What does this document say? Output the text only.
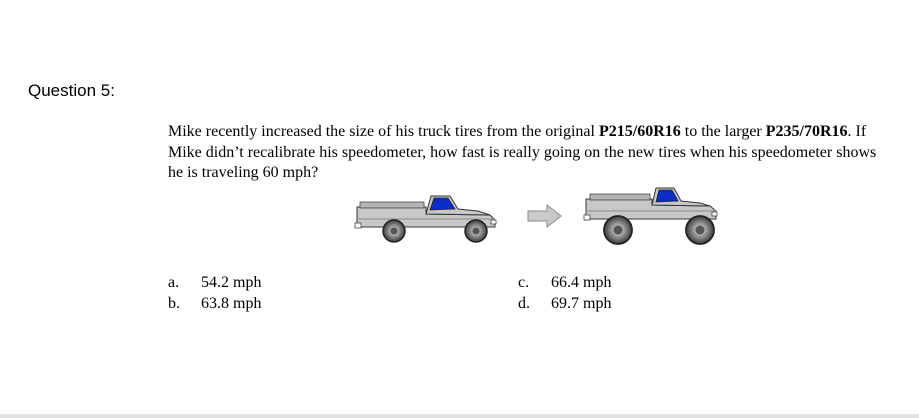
Question 5:
Mike recently increased the size of his truck tires from the original P215/60R16 to the larger P235/70R16. If Mike didn’t recalibrate his speedometer, how fast is really going on the new tires when his speedometer shows he is traveling 60 mph?
a. 54.2 mph
b. 63.8 mph
c. 66.4 mph
d. 69.7 mph
